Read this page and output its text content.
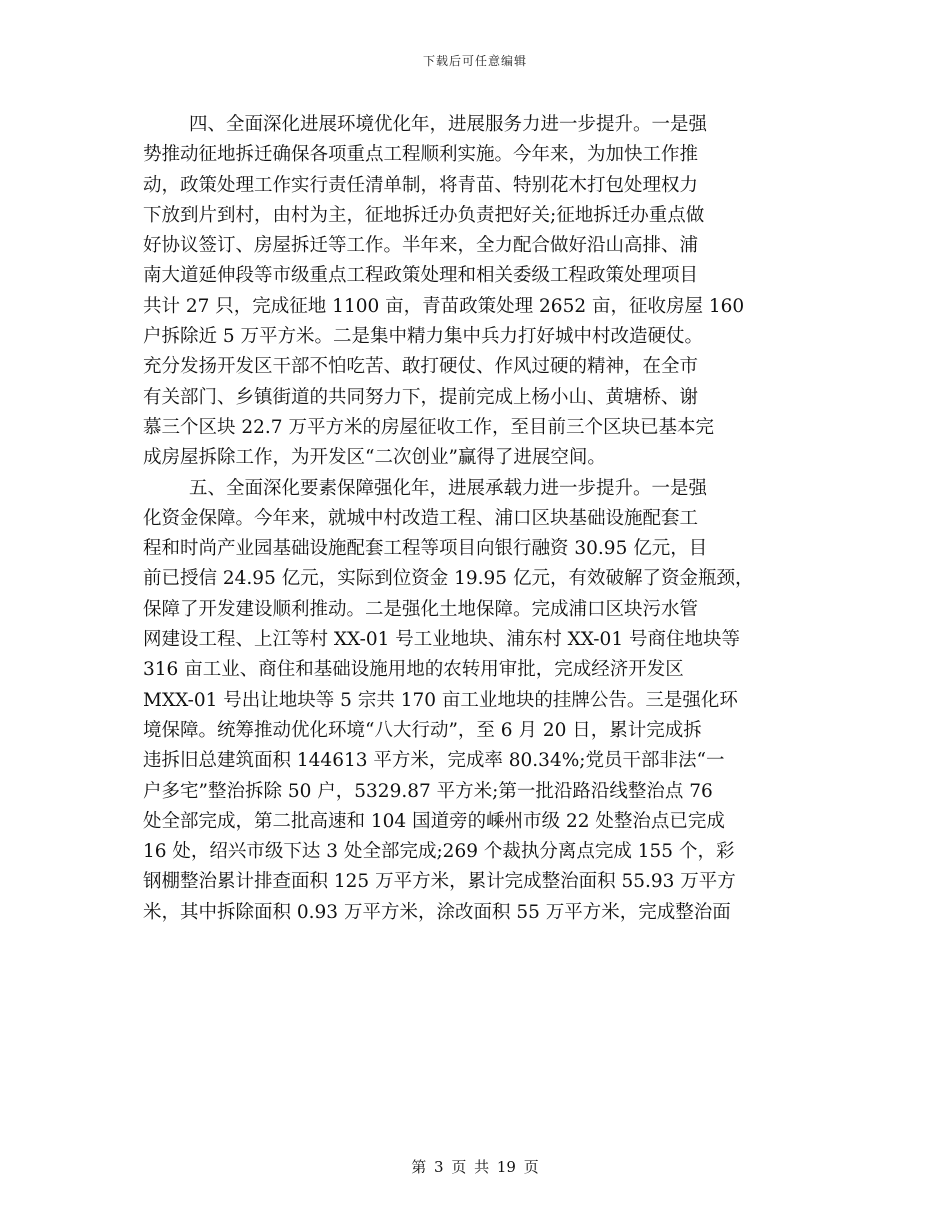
下载后可任意编辑
四、全面深化进展环境优化年，进展服务力进一步提升。一是强
势推动征地拆迁确保各项重点工程顺利实施。今年来，为加快工作推
动，政策处理工作实行责任清单制，将青苗、特别花木打包处理权力
下放到片到村，由村为主，征地拆迁办负责把好关;征地拆迁办重点做
好协议签订、房屋拆迁等工作。半年来，全力配合做好沿山高排、浦
南大道延伸段等市级重点工程政策处理和相关委级工程政策处理项目
共计 27 只，完成征地 1100 亩，青苗政策处理 2652 亩，征收房屋 160
户拆除近 5 万平方米。二是集中精力集中兵力打好城中村改造硬仗。
充分发扬开发区干部不怕吃苦、敢打硬仗、作风过硬的精神，在全市
有关部门、乡镇街道的共同努力下，提前完成上杨小山、黄塘桥、谢
慕三个区块 22.7 万平方米的房屋征收工作，至目前三个区块已基本完
成房屋拆除工作，为开发区“二次创业”赢得了进展空间。
五、全面深化要素保障强化年，进展承载力进一步提升。一是强
化资金保障。今年来，就城中村改造工程、浦口区块基础设施配套工
程和时尚产业园基础设施配套工程等项目向银行融资 30.95 亿元，目
前已授信 24.95 亿元，实际到位资金 19.95 亿元，有效破解了资金瓶颈，
保障了开发建设顺利推动。二是强化土地保障。完成浦口区块污水管
网建设工程、上江等村 XX-01 号工业地块、浦东村 XX-01 号商住地块等
316 亩工业、商住和基础设施用地的农转用审批，完成经济开发区
MXX-01 号出让地块等 5 宗共 170 亩工业地块的挂牌公告。三是强化环
境保障。统筹推动优化环境“八大行动”，至 6 月 20 日，累计完成拆
违拆旧总建筑面积 144613 平方米，完成率 80.34%;党员干部非法“一
户多宅”整治拆除 50 户，5329.87 平方米;第一批沿路沿线整治点 76
处全部完成，第二批高速和 104 国道旁的嵊州市级 22 处整治点已完成
16 处，绍兴市级下达 3 处全部完成;269 个裁执分离点完成 155 个，彩
钢棚整治累计排查面积 125 万平方米，累计完成整治面积 55.93 万平方
米，其中拆除面积 0.93 万平方米，涂改面积 55 万平方米，完成整治面
第 3 页 共 19 页
